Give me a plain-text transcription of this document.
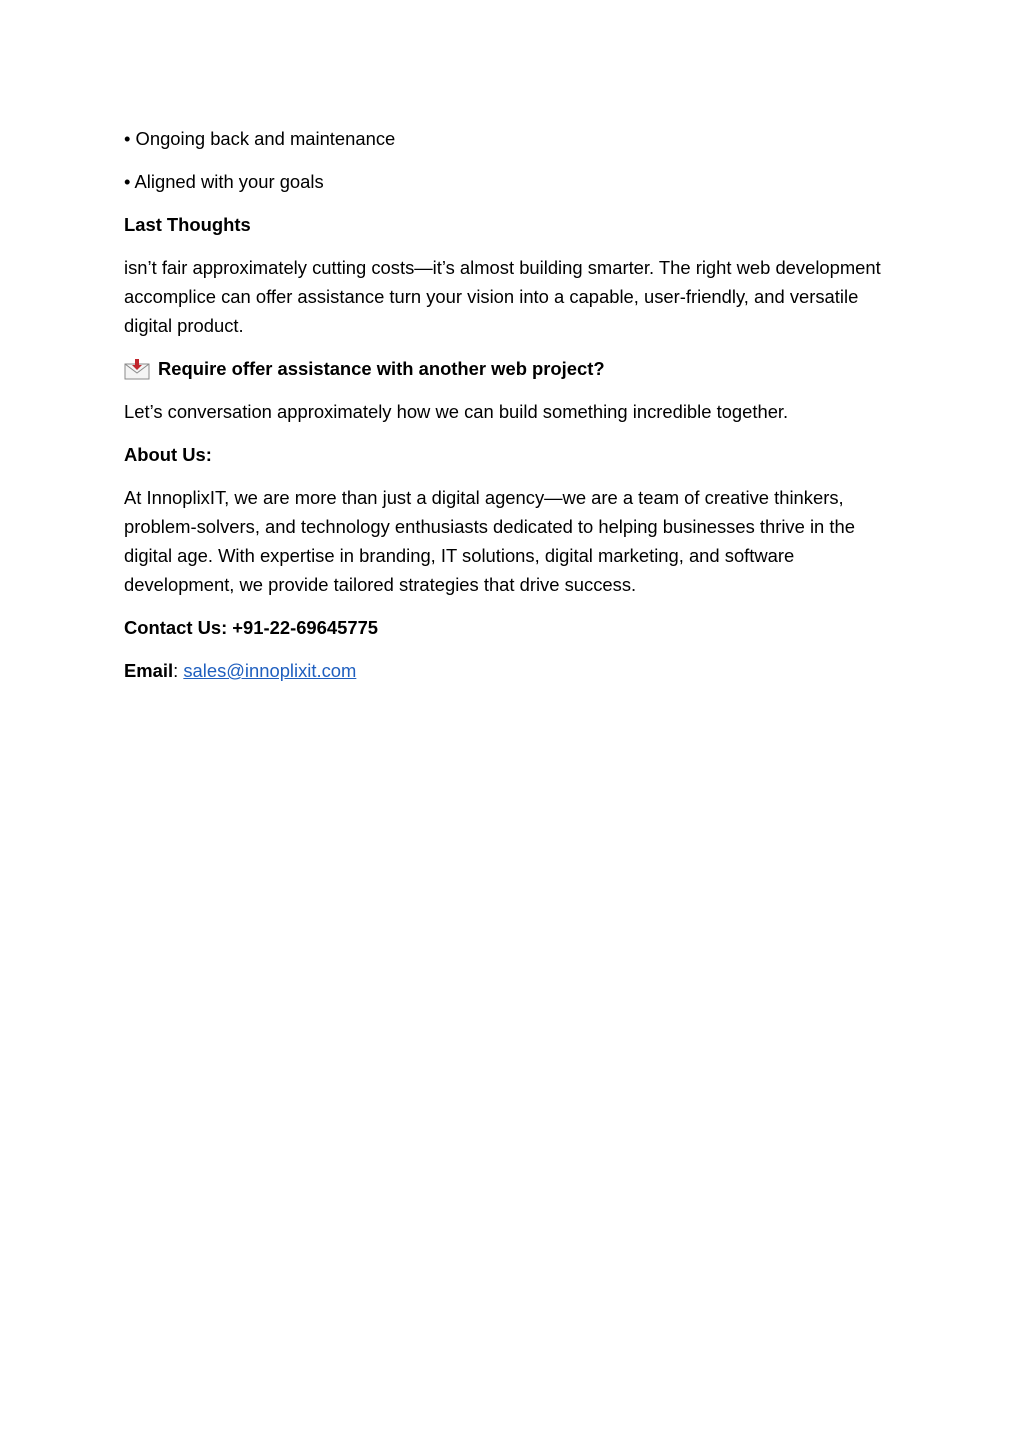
• Ongoing back and maintenance

• Aligned with your goals

Last Thoughts

isn’t fair approximately cutting costs—it’s almost building smarter. The right web development accomplice can offer assistance turn your vision into a capable, user-friendly, and versatile digital product.

Require offer assistance with another web project?

Let’s conversation approximately how we can build something incredible together.

About Us:

At InnoplixIT, we are more than just a digital agency—we are a team of creative thinkers, problem-solvers, and technology enthusiasts dedicated to helping businesses thrive in the digital age. With expertise in branding, IT solutions, digital marketing, and software development, we provide tailored strategies that drive success.

Contact Us: +91-22-69645775

Email: sales@innoplixit.com
